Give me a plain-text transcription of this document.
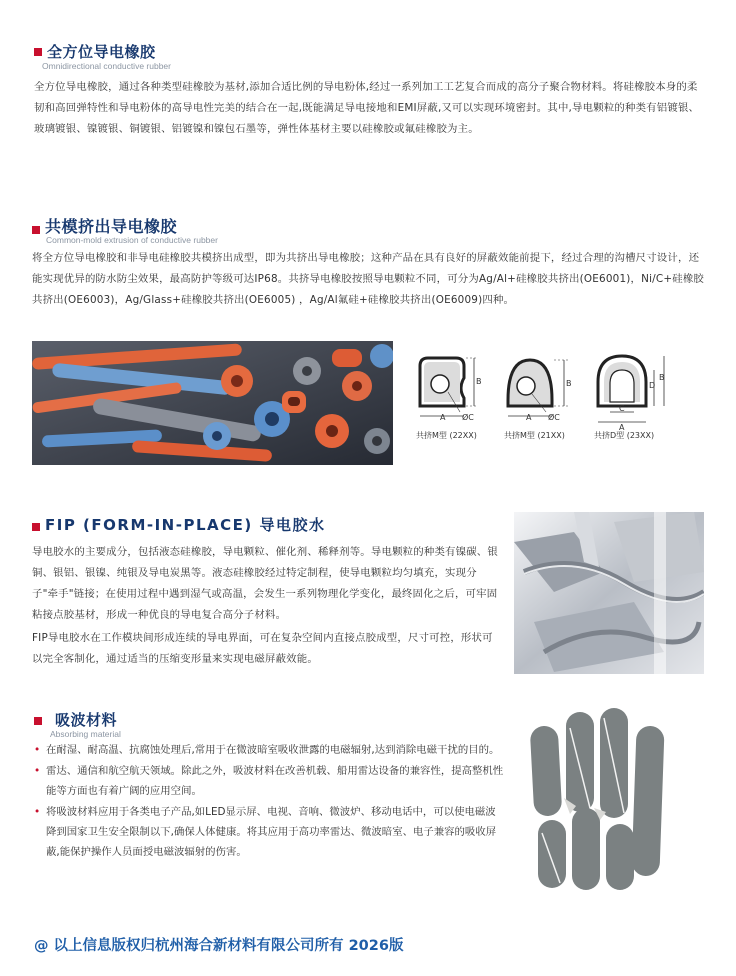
全方位导电橡胶
Omnidirectional conductive rubber

全方位导电橡胶，通过各种类型硅橡胶为基材,添加合适比例的导电粉体,经过一系列加工工艺复合而成的高分子聚合物材料。将硅橡胶本身的柔韧和高回弹特性和导电粉体的高导电性完美的结合在一起,既能满足导电接地和EMI屏蔽,又可以实现环境密封。其中,导电颗粒的种类有铝镀银、玻璃镀银、镍镀银、铜镀银、铝镀镍和镍包石墨等，弹性体基材主要以硅橡胶或氟硅橡胶为主。

共模挤出导电橡胶
Common-mold extrusion of conductive rubber

将全方位导电橡胶和非导电硅橡胶共模挤出成型，即为共挤出导电橡胶；这种产品在具有良好的屏蔽效能前提下，经过合理的沟槽尺寸设计，还能实现优异的防水防尘效果，最高防护等级可达IP68。共挤导电橡胶按照导电颗粒不同，可分为Ag/Al+硅橡胶共挤出(OE6001)，Ni/C+硅橡胶共挤出(OE6003)，Ag/Glass+硅橡胶共挤出(OE6005) ，Ag/Al氟硅+硅橡胶共挤出(OE6009)四种。

A
B
ØC
共挤M型 (22XX)
A
B
ØC
共挤M型 (21XX)
C
A
D
B
共挤D型 (23XX)
FIP (FORM-IN-PLACE) 导电胶水

导电胶水的主要成分，包括液态硅橡胶，导电颗粒、催化剂、稀释剂等。导电颗粒的种类有镍碳、银铜、银铝、银镍、纯银及导电炭黑等。液态硅橡胶经过特定制程，使导电颗粒均匀填充，实现分子"牵手"链接；在使用过程中遇到湿气或高温，会发生一系列物理化学变化，最终固化之后，可牢固粘接点胶基材，形成一种优良的导电复合高分子材料。

FIP导电胶水在工作模块间形成连续的导电界面，可在复杂空间内直接点胶成型，尺寸可控，形状可以完全客制化，通过适当的压缩变形量来实现电磁屏蔽效能。

吸波材料
Absorbing material
• 在耐湿、耐高温、抗腐蚀处理后,常用于在微波暗室吸收泄露的电磁辐射,达到消除电磁干扰的目的。
• 雷达、通信和航空航天领域。除此之外，吸波材料在改善机载、船用雷达设备的兼容性，提高整机性能等方面也有着广阔的应用空间。
• 将吸波材料应用于各类电子产品,如LED显示屏、电视、音响、微波炉、移动电话中，可以使电磁波降到国家卫生安全限制以下,确保人体健康。将其应用于高功率雷达、微波暗室、电子兼容的吸收屏蔽,能保护操作人员面授电磁波辐射的伤害。
@ 以上信息版权归杭州海合新材料有限公司所有 2026版
